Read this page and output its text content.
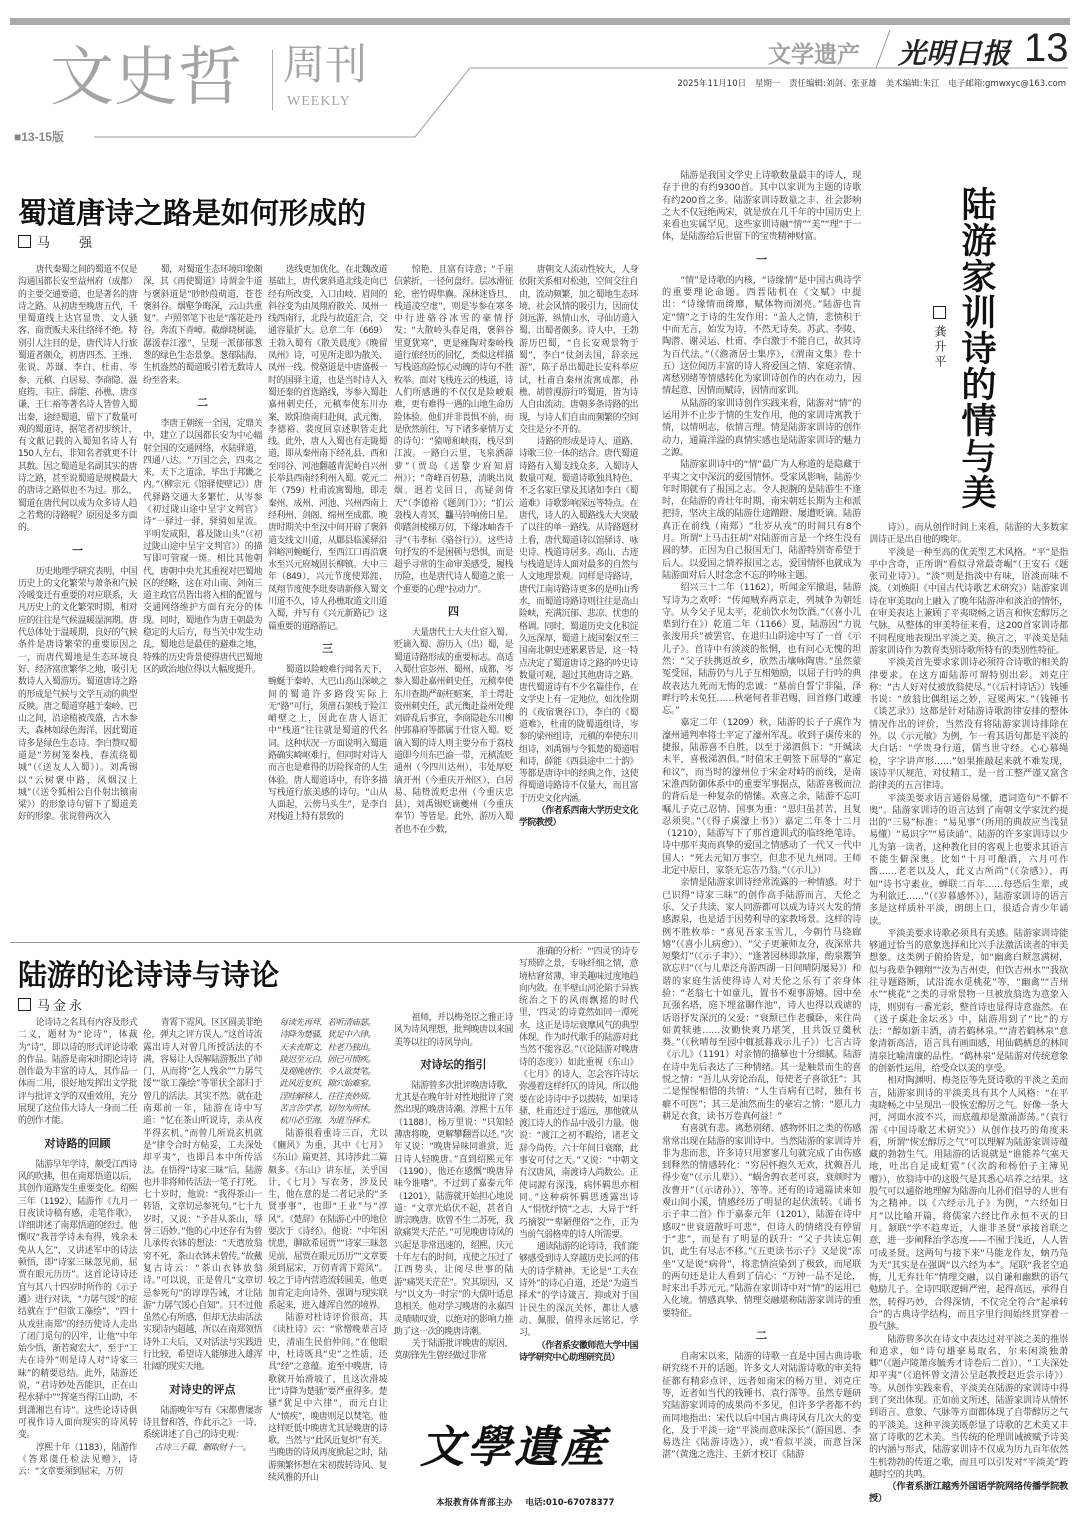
文史哲 周刊
WEEKLY
■13-15版
文学遗产 光明日报 13
2025年11月10日 星期一 责任编辑:刘剑、张亚雄 美术编辑:朱江 电子邮箱:gmwxyc@163.com
蜀道唐诗之路是如何形成的
马　强

唐代秦蜀之间的蜀道不仅是沟通国都长安至益州府（成都）的主要交通要道，也是著名的唐诗之路。从初唐至晚唐五代，千里蜀道线上达官显贵、文人骚客、商贾贩夫来往络绎不绝。特别引人注目的是，唐代诗人行旅蜀道者颇众，初唐四杰、王维、张说、苏颋、李白、杜甫、岑参、元稹、白居易、李商隐、温庭筠、韦庄、薛能、孙樵、唐彦谦、王仁裕等著名诗人皆曾入蜀出秦，途经蜀道，留下了数量可观的蜀道诗，据笔者初步统计，有文献记载的入蜀知名诗人有150人左右，非知名者就更不计其数。因之蜀道是名副其实的唐诗之路，甚至说蜀道是规模最大的唐诗之路似也不为过。那么，蜀道在唐代何以成为众多诗人趋之若鹜的诗路呢？原因是多方面的。

一

历史地理学研究表明，中国历史上的文化繁荣与萧条和气候冷暖变迁有重要的对应联系，大凡历史上的文化繁荣时期，相对应的往往是气候温暖湿润期。唐代总体处于温暖期，良好的气候条件是唐诗繁荣的重要原因之一，而唐代蜀地是生态环境良好、经济富庶繁华之地，吸引无数诗人入蜀游历。蜀道唐诗之路的形成是气候与文学互动的典型反映。唐之蜀道穿越于秦岭、巴山之间，沿途植被茂盛，古木参天，森林如绿色海洋，因此蜀道诗多是绿色生态诗。李白赞叹蜀道是“芳树笼秦栈，春流绕蜀城”（《送友人入蜀》）。刘禹锡以“云树褒中路，风烟汉上城”（《送令狐相公自仆射出镇南梁》）的形象诗句留下了蜀道美好的形象。张说曾两次入

蜀，对蜀道生态环境印象颇深，其《再使蜀道》诗谓金牛道与褒斜道是“眇眇葭萌道，苍苍褒斜谷。烟壑争晦深，云山共重复”。卢照邻笔下也是“落花赴丹谷，奔流下青嶂。截嶭晓树澁，潺湲春江涨”，呈现一派郁郁葱葱的绿色生态景象。葱郁陆海、生机盎然的蜀道吸引着无数诗人纷至沓来。

二

李唐王朝统一全国，定鼎关中，建立了以国都长安为中心辐射全国的交通网络，水陆驿道，四通八达。“万国之会，四夷之来，天下之道涂，毕出于邦畿之内。”（柳宗元《馆驿使壁记》）唐代驿路交通大多繁忙，从岑参《初过陇山途中呈宇文判官》诗“一驿过一驿，驿骑如星流。平明发咸阳，暮及陇山头”（《初过陇山途中呈宇文判官》）的描写即可管窥一斑。相比其他朝代，唐朝中央尤其重视对巴蜀地区的经略，这在对山南、剑南三道主政官员皆出将入相的配置与交通网络维护方面有充分的体现。同时，蜀地作为唐王朝最为稳定的大后方，每当关中发生动乱，蜀地总是最佳的避难之地，特殊的历史背景使得唐代巴蜀地区的政治地位得以大幅度提升。

选线更加优化。在北魏改道基础上，唐代褒斜道北线走向已经有所改变，入口由岐、眉间的斜谷变为由凤翔府散关、凤州一线西南行，北段与故道汇合，交通容量扩大。总章二年（669）王勃入蜀有《散关晨度》《晚留凤州》诗，可见所走即为散关、凤州一线。傥骆道是中唐盛极一时的国驿主道，也是当时诗人入蜀还秦的首选路线，岑参入蜀赴嘉州刺史任，元稹奉使东川办案，欧阳詹南归赴闽，武元衡、李德裕、裴度回京述职皆走此线。此外，唐人入蜀也有走陇蜀道，即从秦州南下经礼县、西和至同谷、河池翻越青泥岭自兴州长举县西南经利州入蜀。乾元二年（759）杜甫流寓蜀地，即走秦州、成州、河池、兴州西南上经利州、剑阁、绵州至成都。晚唐时期关中至汉中间开辟了褒斜道支线文川道，从郿县临溪驿沿斜峪河蜿蜒行，至西江口再沿褒水至兴元府城固长柳镇。大中三年（849），兴元节度使郑涯、凤翔节度使李玭奏请新修入蜀文川道不久，诗人孙樵取道文川道入蜀，并写有《兴元新路记》这篇重要的道路游记。

三

蜀道以险峻难行闻名天下，蜿蜒于秦岭、大巴山高山深峡之间的蜀道许多路段实际上无“路”可行，须凿石架栈于险江峭壁之上，因此在唐人语汇中“栈道”往往就是蜀道的代名词。这种状况一方面说明入蜀道路确实崎岖难行，但同时对诗人而言也是难得的历险探奇的人生体验。唐人蜀道诗中，有许多描写栈道行旅美感的诗句。“山从人面起，云傍马头生”，是李白对栈道上特有景致的

惊艳，且富有诗意；“千崖信萦折，一径何盘纡。层冰滑征轮，密竹碍隼旟。深林迷昏旦，栈道凌空虚”，则是岑参在寒冬中行进骆谷冰雪的豪情抒发；“大散岭头春足雨，褒斜谷里夏犹寒”，更是雍陶对秦岭栈道行旅经历的回忆，类似这样描写栈道高险惊心动魄的诗句不胜枚举。面对飞栈连云的栈道，诗人们所感遇的不仅仅是险峻艰难，更有难得一遇的山地生命历险体验。他们并非畏惧不前，而是欣然前往，写下诸多豪情万丈的诗句：“猿啼和峡雨，栈尽到江波。一路白云里，飞泉洒薜萝”（贾岛《送黎少府知眉州》）；“奇峰百仞悬，清眺出岚烟。迥若戈回日，高疑剑倚天”（李德裕《题剑门》）；“扪云袅栈人青冥，龘马铃响傍日星。仰踏剑棱梯万仞，下缘冰岫杳千寻”（韦孝标《骆谷行》）。这些诗句抒发的不是困顿与恐惧，而是超乎寻常的生命审美感受，履栈历险，也是唐代诗人蜀道之旅一个重要的心理“拉动力”。

四

大量唐代士大夫仕宦入蜀、贬谪入蜀、游历入（出）蜀，是蜀道诗路形成的重要标志。高适入蜀仕宦彭州、蜀州、成都，岑参入蜀赴嘉州刺史任，元稹奉使东川查勘严砺枉赃案，羊士谔赴资州刺史任，武元衡赴益州处理刘辟乱后事宜，李商隐赴东川柳仲郢幕府等都属于仕宦入蜀。贬谪入蜀的诗人则主要分布于荔枝道即今川东巴渝一带，元稹流贬通州（今四川达州），韦处厚贬谪开州（今重庆开州区），白居易、陆贽流贬忠州（今重庆忠县），刘禹锡贬谪夔州（今重庆奉节）等皆是。此外，游历入蜀者也不在少数，

唐朝文人流动性较大，人身依附关系相对松弛，空间交往自由，流动频繁，加之蜀地生态环境、社会风情的吸引力，因而仗剑远游，纵情山水，寻仙访道入蜀、出蜀者颇多。诗人中，王勃游历巴蜀，“自长安观景物于蜀”，李白“仗剑去国，辞亲远游”，陈子昂出蜀赴长安科举应试，杜甫自秦州流寓成都，孙樵、胡曾漫游行吟蜀道，皆为诗人自由流动。唐朝多条诗路的出现，与诗人们自由而频繁的空间交往是分不开的。

诗路的形成是诗人、道路、诗歌三位一体的结合。唐代蜀道诗路有入蜀支线众多、入蜀诗人数量可观、蜀道诗歌独具特色、不乏名家巨擘及其诸如李白《蜀道难》诗歌影响深远等特点。在唐代，诗人的入蜀路线大大突破了以往的单一路线。从诗路题材上看，唐代蜀道诗以馆驿诗、咏史诗、栈道诗居多。高山、古迹与栈道是诗人面对最多的自然与人文地理景观。同样是诗路诗，唐代江南诗路诗更多的是明山秀水，而蜀道诗路诗则往往是高山险峡，充满沉郁、悲凉、忧患的格调。同时，蜀道历史文化积淀久远深厚，蜀道上战国秦汉至三国南北朝史迹累累皆是，这一特点决定了蜀道唐诗之路的吟史诗数量可观，超过其他唐诗之路。唐代蜀道诗有不少名篇佳作，在文学史上有一定地位，如沈佺期的《夜宿褒谷口》，李白的《蜀道难》，杜甫的陇蜀道组诗，岑参的梁州组诗，元稹的奉使东川组诗，刘禹锡与令狐楚的蜀道唱和诗，薛能《西县途中二十韵》等都是唐诗中的经典之作，这使得蜀道诗路诗不仅量大，而且富于历史文化内涵。

（作者系西南大学历史文化学院教授）

陆游的论诗诗与诗论
马金永

论诗诗之名具有内容及形式二义，题材为“论诗”，体裁为“诗”，即以诗的形式评论诗歌的作品。陆游是南宋时期论诗诗创作最为丰富的诗人，其作品一体而二用，很好地发挥出文学批评与批评文学的双重效用，充分展现了这位伟大诗人一身而二任的创作才能。

对诗路的回顾

陆游早年学诗，颇受江西诗风的吹拂，但在南郑悟道以后，其创作道路发生重要变化。绍熙三年（1192），陆游作《九月一日夜读诗稿有感，走笔作歌》，详细讲述了南郑悟道的经过。他慨叹“我昔学诗未有得，残余未免从人乞”，又讲述军中的诗法顿悟，即“诗家三昧忽见前，屈贾在眼元历历”。这首论诗诗还宜与其八十四岁时所作的《示子遹》进行对读，“力孱气馁”的症结就在于“但欲工藻绘”，“四十从戎驻南郑”的经历使诗人走出了闭门觅句的囚牢，让他“中年始少悟，渐若窥宏大”，至于“工夫在诗外”则是诗人对“诗家三昧”的精要总结。此外，陆游还说，“君诗妙处吾能识，正在山程水驿中”“挥毫当得江山助，不到潇湘岂有诗”。这些论诗诗俱可视作诗人面向现实的诗风转变。

淳熙十年（1183），陆游作《答郑虞任检法见赠》，诗云：“文章要须到屈宋，万仞

青霄下霓风。区区圆美非绝伦，弹丸之评方误人。”这首诗流露出诗人对曾几所授活法的不满，容易让人误解陆游叛出了师门，从而将“乞人残余”“力孱气馁”“欲工藻绘”等罪状全部归于曾几的活法。其实不然。就在赴南郑前一年，陆游在诗中写道：“忆在茶山听说诗，亲从夜半得玄机。”而曾几所说玄机就是“律令合时方帖妥，工夫深处却平夷”，也即吕本中所传活法。在悟得“诗家三昧”后，陆游也并非将师传活法一笔子打死。七十岁时，他说：“我得茶山一转语，文章切忌参死句。”七十九岁时，又说：“予昔从茶山，辱誉三语妙。”他的心中还存有为曾几承传衣钵的想法：“天遣放翁穷不死，茶山衣钵未曾传。”故戴复古诗云：“茶山衣钵放翁诗。”可以说，正是曾几“文章切忌参死句”的谆谆告诫，才让陆游“力孱气馁心自知”。只不过他虽然心有所感，但却无法由活法实现诗内超越，所以在南郑领悟诗外工夫后，又对活法与实践进行比较，希望诗人能够进入雄浑壮阔的现实天地。

对诗史的评点

陆游晚年写有《宋都曹屡寄诗且督和答，作此示之》一诗，系统讲述了自己的诗史观：

古诗三千篇，删取财十一。

每读先再拜，若听清庙瑟。

诗降为楚骚，犹足中六律。

天未丧斯文，杜老乃独出。

陵迟至元白，固已可愤疾。

及观晚唐作，令人欲焚笔。

此风近复炽，隙穴始难窒。

淫哇解移人，往往丧妙质。

苦言告学者，切勿为所怵。

杭川必至海，为道当择术。

陆游很看重诗三百，尤以《豳风》为重，其中《七月》《东山》篇更甚，其诗涉此二篇颇多。《东山》讲东征，关乎国计，《七月》写农务，涉及民生，他在意的是二者记录的“圣贤事事”，也即“王业”与“淳风”。《楚辞》在陆游心中的地位要次于《诗经》。他说：“中年困忧患，聊欲希屈贾”“诗家三昧忽见前，屈贾在眼元历历”“文章要须到屈宋，万仞青霄下霓风”。较之于诗内营造流转圆美，他更加肯定走向诗外，强调与现实联系起来，进入雄浑自然的境界。

陆游对杜诗评价很高，其《读杜诗》云：“常憎晚辈言诗史，清庙生民伯仲间。”在他眼中，杜诗既具“史”之性质，还具“经”之意蕴。迨至中晚唐，诗歌就开始滑坡了，且这次滑坡比“诗降为楚骚”要严重得多。楚骚“犹足中六律”，而元白让人“愤疾”，晚唐则足以焚笔。他这样贬低中晚唐尤其是晚唐的诗歌，当然与“此风近复炽”有关。当晚唐的诗风再度掀起之时，陆游频繁怀想在宋初拨转诗风、复续风雅的开山

祖师，并以梅尧臣之雅正诗风为诗风理想，批判晚唐以来圆美等以往的诗风导向。

对诗坛的指引

陆游曾多次批评晚唐诗歌，尤其是在晚年针对性地批评了突然出现的晚唐诗潮。淳熙十五年（1188），杨万里说：“只知轻薄唐将晚，更解攀翻晋以还。”次年又说：“晚唐异味同谁赏，近日诗人轻晚唐。”直到绍熙元年（1190），他还在感慨“晚唐异味今谁嗜”。不过到了嘉泰元年（1201），陆游就开始担心地说道：“文章光焰伏不起，甚者自谓宗晚唐。欧曾不生二苏死，我欲痛哭天茫茫。”可见晚唐诗风的兴起是非常迅速的，绍熙、庆元十年左右的时间，戎使之压过了江西势头，让阅尽世事的陆游“痛哭天茫茫”。究其原因，又与“以文为一时宗”的大儒叶适息息相关。他对学习晚唐的永嘉四灵啧啧叹赏，以绝对的影响力推助了这一次的晚唐诗潮。

关于陆游批评晚唐的原因，莫砺锋先生曾经做过非常

准确的分析：“‘四灵’的诗专写琐碎之景，专咏纤细之情，意境枯窘贫薄，审美趣味过度地趋向内敛。在半壁山河沦陷于异族统治之下的风雨飘摇的时代里，‘四灵’的诗竟然如同一潭死水，这正是诗坛衰靡风气的典型体现。作为时代歌手的陆游对此当然不能容忍。”（《论陆游对晚唐诗的态度》）如此重视《东山》《七月》的诗人，怎会容许诗坛弥漫着这样纤仄的诗风。所以他要在论诗诗中予以拨转，如果诗骚、杜甫还过于遥远，那他就从渡江诗人的作品中汲引力量。他说：“渡江之初不暇给，诸老文辞今尚传。六十年间日衰靡，此事安可付之天。”又说：“中朝文有汉唐风，南渡诗人尚数公。正使词源有深浅，病怀羁思亦相同。”这种病怀羁思透露出诗人“悁忧纾愤”之志，大异于“纤巧摘裂”“卑陋俚俗”之作，正为当前气弱格卑的诗人所需要。

通读陆游的论诗诗，我们能够感受到诗人穿越历史长河的伟大的诗学精神。无论是“工夫在诗外”的诗心自道，还是“为道当择术”的学诗箴言，抑或对于国计民生的深沉关怀，都让人感动、佩服，值得永远铭记、学习。

（作者系安徽师范大学中国诗学研究中心助理研究员）

陆游家训诗的情与美
龚升平

陆游是我国文学史上诗歌数量最丰的诗人，现存于世的有约9300首。其中以家训为主题的诗歌有约200首之多。陆游家训诗数量之丰、社会影响之大不仅冠绝两宋，就是放在几千年的中国历史上来看也实属罕见。这些家训诗融“情”“美”“理”于一体，是陆游给后世留下的宝贵精神财富。

一

“情”是诗歌的内核，“诗缘情”是中国古典诗学的重要理论命题。西晋陆机在《文赋》中提出：“诗缘情而绮靡，赋体物而浏亮。”陆游也肯定“情”之于诗的生发作用：“盖人之情，悲愤积于中而无言，始发为诗，不然无诗矣。苏武、李陵、陶潜、谢灵运、杜甫、李白激于不能自已，故其诗为百代法。”（《澹斋居士集序》，《渭南文集》卷十五）这位阅历丰富的诗人将爱国之情、家庭亲情、离愁别绪等情感转化为家训诗创作的内在动力，因情起意，因情而赋诗，因情而家训。

从陆游的家训诗创作实践来看，陆游对“情”的运用并不止步于情的生发作用，他的家训诗寓教于情，以情明志，依情言理。情是陆游家训诗的创作动力，通篇洋溢的真情实感也是陆游家训诗的魅力之源。

陆游家训诗中的“情”最广为人称道的是隐藏于平夷之文中深沉的爱国情怀。受家风影响，陆游少年时期就有了报国之志。令人扼腕的是陆游生不逢时，在陆游的青壮年时期，南宋朝廷长期为主和派把持，坚决主战的陆游仕途蹭蹬、屡遭贬谪。陆游真正在前线（南郑）“壮岁从戎”的时间只有8个月。所谓“上马击狂胡”对陆游而言是一个终生没有圆的梦。正因为自己报国无门，陆游特别寄希望于后人。以爱国之情养报国之志，爱国情怀也就成为陆游面对后人时念念不忘的吟咏主题。

绍兴三十二年（1162），听闻金军撤退，陆游写诗为之欢呼：“传闻贼弃两京走，列城争为朝廷守。从今父子见太平，花前饮水勿饮酒。”（《喜小儿辈到行在》）乾道二年（1166）夏，陆游因“力说张浚用兵”被罢官，在退归山阴途中写了一首《示儿子》。首诗中有淡淡的怅惘，也有问心无愧的坦然：“父子扶携返故乡，欣然击壤咏陶唐。”虽然蒙冤受屈，陆游仍与儿子互相勉励，以屈子行吟的典故表达九死而无悔的忠诚：“墓前自誓宁非隘，泽畔行吟未免狂……秋毫何者非君赐，回首修门敢遽忘。”

嘉定二年（1209）秋，陆游的长子子虡作为濠州通判率将士平定了濠州军乱。收到子虡传来的捷报，陆游喜不自胜，以至于涕泗俱下：“开缄读未半，喜极涕泗俱。”时值宋王朝签下屈辱的“嘉定和议”，而当时的濠州位于宋金对峙的前线，是南宋淮西防御体系中的重要军事据点，陆游喜极而泣的背后是一种复杂的情愫。欢喜之余，陆游不忘叮嘱儿子克己忍情、国事为重：“思归虽甚苦，且复忍须臾。”（《得子虡濠上书》）嘉定二年冬十二月（1210），陆游写下了那首遗训式的临终绝笔诗。诗中那平夷而真挚的爱国之情感动了一代又一代中国人：“死去元知万事空，但悲不见九州同。王师北定中原日，家祭无忘告乃翁。”（《示儿》）

亲情是陆游家训诗经常流露的一种情感。对于已识得“诗家三昧”的创作高手陆游而言，天伦之乐、父子共读、家人同游都可以成为诗兴大发的情感源泉，也是适于因势利导的家教场景。这样的诗例不胜枚举：“喜见吾家玉雪儿，今朝竹马绕廊嬉”（《喜小儿病愈》）、“父子更兼师友分，夜深常共短檠灯”（《示子聿》）、“逢著园林即款扉，酌泉鬻笋欲忘归”（《与儿辈泛舟游西湖一日间晴阴屡易》）和谐的家庭生活使得诗人对天伦之乐有了亲身体验：“老翁七十如童儿，置书不观事游嬉。园中垒瓦强名塔，庭下埋盆聊作池”，诗人也得以戏谑的话语抒发深沉的父爱：“衰颓已作老骥卧，来往尚如黄犊驰……汝勤快爽乃堪笑，且共饭豆羹秋葵。”（《秋晴每至园中辄抵暮戏示儿子》）七言古诗《示儿》（1191）对亲情的描摹也十分细腻。陆游在诗中先后表达了三种情绪。其一是触景而生的喜悦之情：“吾儿从旁论治乱，每使老子喜欲狂”；其二是惺惺相惜的共情：“人生百病有已时，独有书癖不可医”；其三是油然而生的豪宕之情：“愿儿力耕足衣食，读书万卷真何益！”

有喜就有悲。离愁别绪、感物怀旧之类的伤感常常出现在陆游的家训诗中。当然陆游的家训诗并非为悲而悲，许多诗只用寥寥几句就完成了由伤感到释然的情感转化：“穷居怀抱久无欢，扰赖吾儿得少宽”（《示儿辈》）、“蜗舍鹑衣老可哀，衰颜时为汝曹开”（《示诸孙》），等等。还有的诗通篇读来如观山间小溪，情感经历了明显的起伏流转。《诵书示子聿二首》作于嘉泰元年（1201），陆游在诗中感叹“世衰道散吁可悲”，但诗人的情绪没有停留于“悲”，而是有了明显的跃升：“父子共读忘朝饥，此生有尽志不移。”《五更读书示子》又是说“冻坐”又是说“病骨”，将悲情渲染到了极致，而尾联的两句还是让人看到了信心：“万钟一品不足论，时来出手苏元元。”陆游在家训诗中对“情”的运用已入化境。情感真挚、情理交融堪称陆游家训诗的重要特征。

二

自南宋以来，陆游的诗歌一直是中国古典诗歌研究绕不开的话题。许多文人对陆游诗歌的审美特征都有精彩点评，远者如南宋的杨万里、刘克庄等，近者如当代的钱锺书、袁行霈等。虽然专题研究陆游家训诗的成果尚不多见，但许多学者都不约而同地指出：宋代以后中国古典诗风有几次大的变化，及于平淡一途“平淡而意味深长”（游国恩、李易选注《陆游诗选》），或“看似平淡，而意旨深湛”（黄逸之选注、王新才校订《陆游

诗》）。而从创作时间上来看，陆游的大多数家训诗正是出自他的晚年。

平淡是一种至高的优美型艺术风格。“平”是指平中含奇，正所谓“看似寻常最奇崛”（王安石《题张司业诗》）。“淡”则是指淡中有味，语淡而味不淡。（刘焕阳《中国古代诗歌艺术研究》）陆游家训诗在审美取向上融入了晚年陆游冲和淡泊的情怀，在审美表达上兼顾了平夷晓畅之语言和恢宏醇厉之气脉。从整体的审美特征来看，这200首家训诗都不同程度地表现出平淡之美。换言之，平淡美是陆游家训诗作为教育类别诗歌所特有的类别性特征。

平淡美首先要求家训诗必须符合诗歌的相关韵律要求。在这方面陆游可谓特别出彩。刘克庄称：“古人好对仗被放翁使尽。”（《后村诗话》）钱锺书说：“放翁比偶组运之妙，冠冕两宋。”（钱锺书《谈艺录》）这都是针对陆游诗歌韵律安排的整体情况作出的评价，当然没有将陆游家训诗排除在外。以《示元敏》为例，乍一看其语句都是平淡的大白话：“学贵身行道，儒当世守经。心心慕绳检，字字讲声形……”如果推敲起来就不难发现，该诗平仄规范、对仗精工，是一首工整严谨又富含韵律美的五言律诗。

平淡美要求语言通俗易懂，遣词造句“不僻不奥”。陆游家训诗的语言达到了南朝文学家沈约提出的“三易”标准：“易见事”（所用的典故应当浅显易懂）“易识字”“易读诵”。陆游的许多家训诗以少儿为第一读者，这种教化目的客观上也要求其语言不能生僻深奥。比如“十月可酿酒，六月可作酱……老老以及人，此义古所尚”（《杂感》），再如“诗书守素业，蝉联二百年……每恐后生辈，或为利欲迁……”（《岁暮感怀》），陆游家训诗的语言多是这样质朴平淡，朗朗上口，很适合青少年诵读。

平淡美要求诗歌必须具有美感。陆游家训诗能够通过恰当的意象选择和比兴手法激活读者的审美想象。这类例子俯拾皆是，如“幽禽白颊忽满树，似与我辈争翱翔”“汝为吉州吏，但饮吉州水”“我欲往寻题路断，试沿流水觅桃花”等，“幽禽”“吉州水”“桃花”之类的寻常景物一旦被放翁选为意象入诗，则别有一番光彩，整首诗也显得诗意盎然。在《送子虡赴金坛丞》中，陆游用到了“比”的方法：“醇如新丰酒，清若鹤林泉。”“清若鹤林泉”意象清新高洁，语言具有画面感，用仙鹤栖息的林间清泉比喻清廉的品性。“鹤林泉”是陆游对传统意象的创新性运用，给受众以美的享受。

相对陶渊明、梅尧臣等先贤诗歌的平淡之美而言，陆游家训诗的平淡美具有其个人风格：“在平夷晓畅之中呈现出一股恢宏醇厉之气。好像一条大河，河面水波不兴，而底蕴却是激涌澎荡。”（袁行霈《中国诗歌艺术研究》）从创作技巧的角度来看，所谓“恢宏醇厉之气”可以理解为陆游家训诗蕴藏的勃勃生气。用陆游的话说就是“谁能养气塞天地，吐出自足成虹霓”（《次韵和杨伯子主簿见赠》），放翁诗中的这股气是其悉心培养之结果。这股气可以通俗地理解为陆游向儿孙们倡导的人世有为之精神。以《六经示儿子》为例，“六经如日月”以比喻开篇，将儒家六经比作永恒不灭的日月。颔联“学不趋卑近，人谁非圣贤”承接首联之意，进一步阐释治学态度——不囿于浅近，人人皆可成圣贤。这两句与接下来“马能龙作友，蚋乃凫为天”其实是在强调“以六经为本”。尾联“我老空追悔，儿无弃壮年”情理交融，以自谦和幽默的语气勉励儿子。全诗四联逻辑严密，起得高远，承得自然，转得巧妙，合得深情，不仅完全符合“起承转合”的古典诗学结构，而且字里行间始终贯穿着一股气脉。

陆游曾多次在诗文中表达过对平淡之美的推崇和追求，如“诗句雄豪易取名，尔来闲淡独萧卿”（《题卢陵萧彦毓秀才诗卷后二首》）、“工夫深处却平夷”（《追怀曾文清公呈赵教授赵近尝示诗》）等。从创作实践来看，平淡美在陆游的家训诗中得到了突出体现。正如前文所述，陆游家训诗从情怀到语言、意象、气脉等方面都体现了自带醇厉之气的平淡美。这种平淡美既彰显了诗歌的艺术美又丰富了诗歌的艺术美。当传统的伦理训诫被赋予诗美的内涵与形式，陆游家训诗不仅成为历九百年依然生机勃勃的传道之歌，而且可以引发对“平淡美”跨越时空的共鸣。

（作者系浙江越秀外国语学院网络传播学院教授）

文學遺產
本报教育体育部主办 电话:010-67078377
